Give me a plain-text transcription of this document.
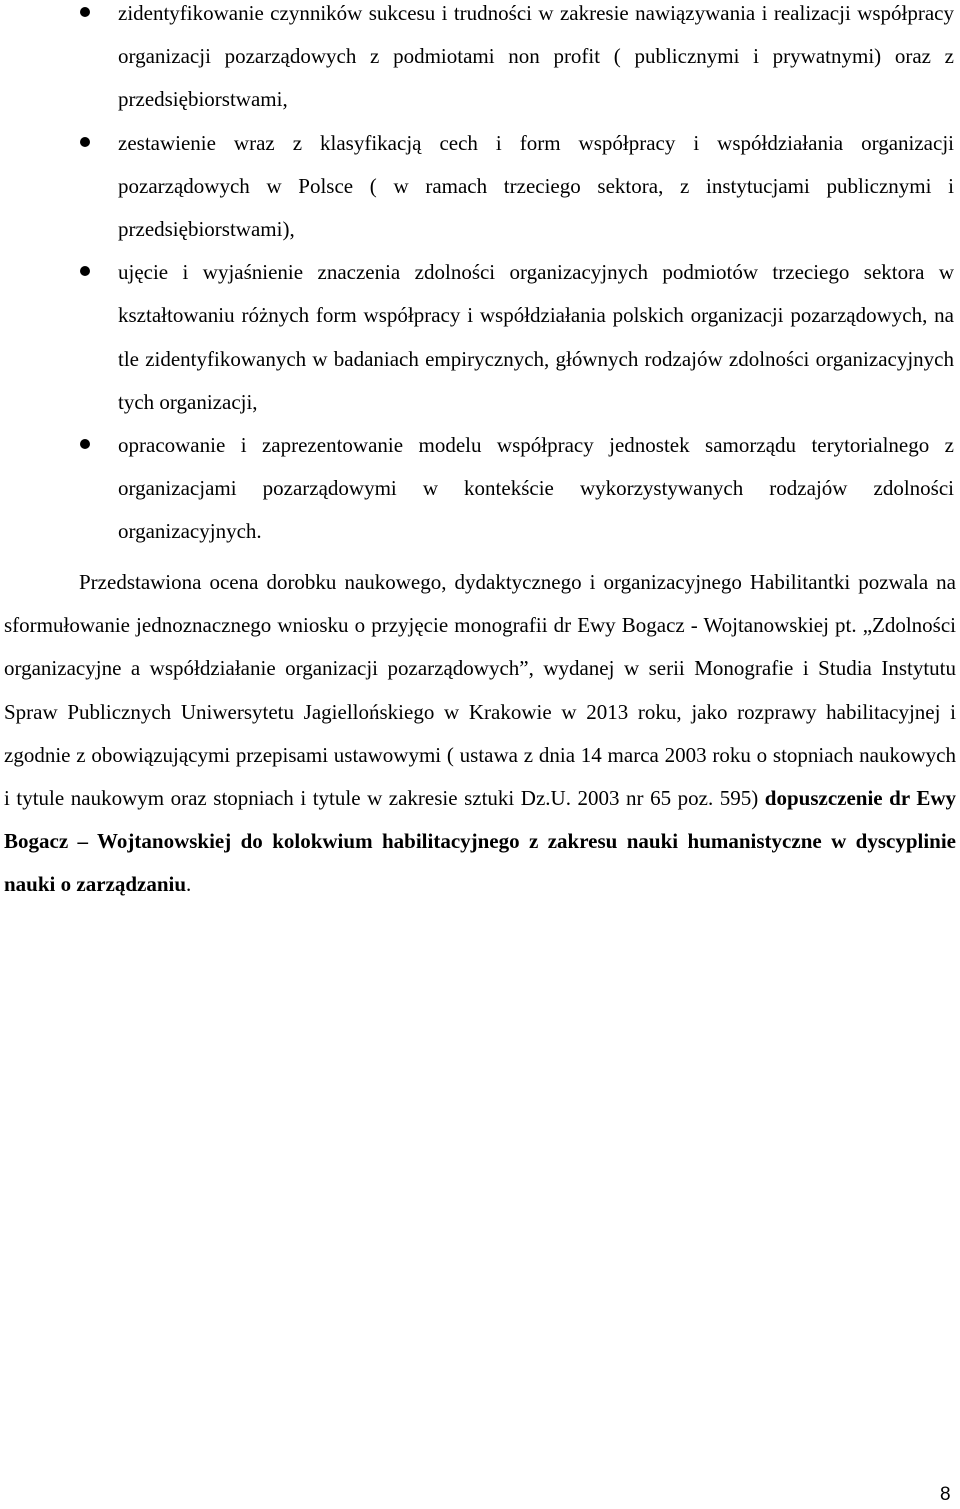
zidentyfikowanie czynników sukcesu i trudności w zakresie nawiązywania i realizacji współpracy organizacji pozarządowych z podmiotami non profit ( publicznymi i prywatnymi) oraz z przedsiębiorstwami,
zestawienie wraz z klasyfikacją cech i form współpracy i współdziałania organizacji pozarządowych w Polsce ( w ramach trzeciego sektora, z instytucjami publicznymi i przedsiębiorstwami),
ujęcie i wyjaśnienie znaczenia zdolności organizacyjnych podmiotów trzeciego sektora w kształtowaniu różnych form współpracy i współdziałania polskich organizacji pozarządowych, na tle zidentyfikowanych w badaniach empirycznych, głównych rodzajów zdolności organizacyjnych tych organizacji,
opracowanie i zaprezentowanie modelu współpracy jednostek samorządu terytorialnego z organizacjami pozarządowymi w kontekście wykorzystywanych rodzajów zdolności organizacyjnych.

Przedstawiona ocena dorobku naukowego, dydaktycznego i organizacyjnego Habilitantki pozwala na sformułowanie jednoznacznego wniosku o przyjęcie monografii dr Ewy Bogacz - Wojtanowskiej pt. „Zdolności organizacyjne a współdziałanie organizacji pozarządowych”, wydanej w serii Monografie i Studia Instytutu Spraw Publicznych Uniwersytetu Jagiellońskiego w Krakowie w 2013 roku, jako rozprawy habilitacyjnej i zgodnie z obowiązującymi przepisami ustawowymi ( ustawa z dnia 14 marca 2003 roku o stopniach naukowych i tytule naukowym oraz stopniach i tytule w zakresie sztuki Dz.U. 2003 nr 65 poz. 595) dopuszczenie dr Ewy Bogacz – Wojtanowskiej do kolokwium habilitacyjnego z zakresu nauki humanistyczne w dyscyplinie nauki o zarządzaniu.

8
